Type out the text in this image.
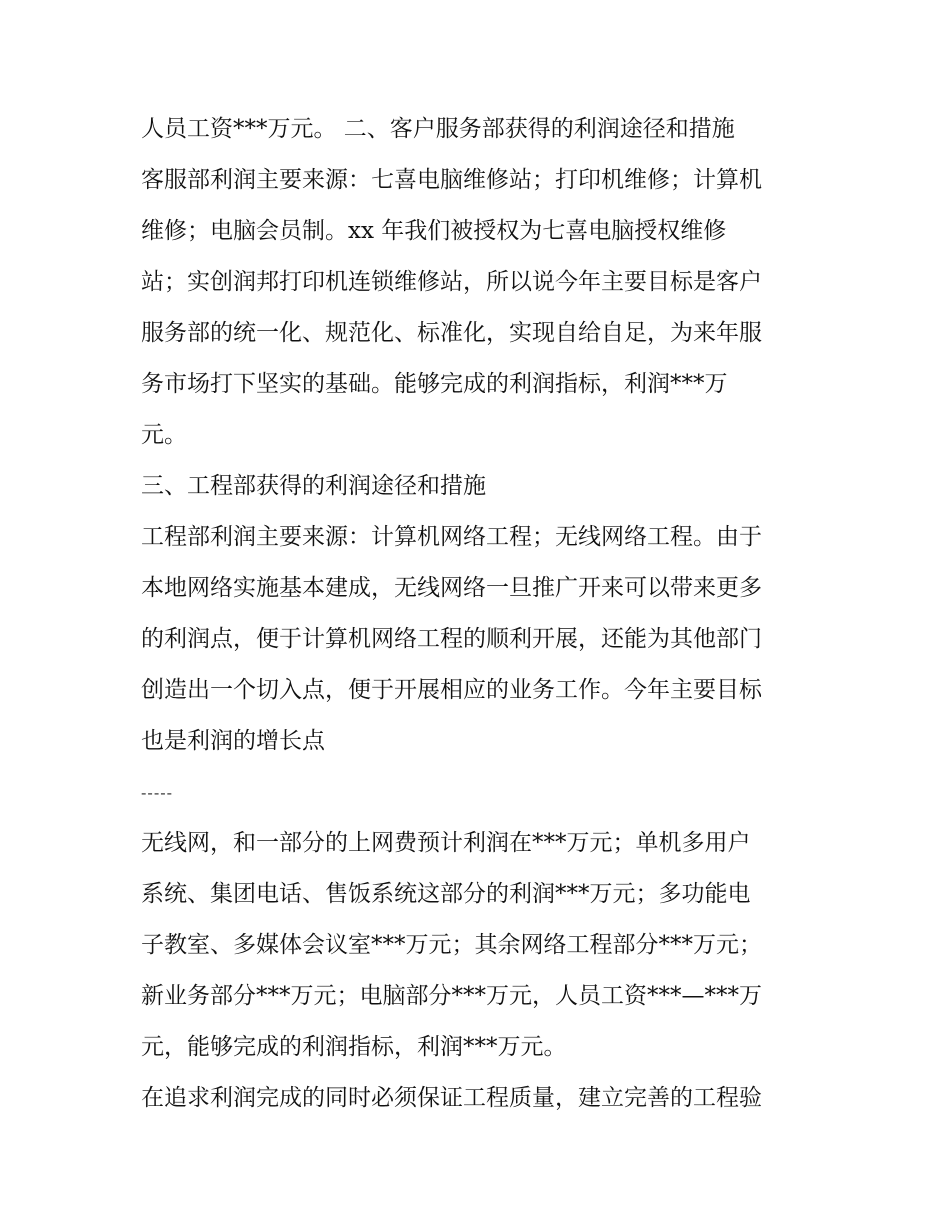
人员工资***万元。 二、客户服务部获得的利润途径和措施
客服部利润主要来源：七喜电脑维修站；打印机维修；计算机
维修；电脑会员制。xx 年我们被授权为七喜电脑授权维修
站；实创润邦打印机连锁维修站，所以说今年主要目标是客户
服务部的统一化、规范化、标准化，实现自给自足，为来年服
务市场打下坚实的基础。能够完成的利润指标，利润***万
元。
三、工程部获得的利润途径和措施
工程部利润主要来源：计算机网络工程；无线网络工程。由于
本地网络实施基本建成，无线网络一旦推广开来可以带来更多
的利润点，便于计算机网络工程的顺利开展，还能为其他部门
创造出一个切入点，便于开展相应的业务工作。今年主要目标
也是利润的增长点
-----
无线网，和一部分的上网费预计利润在***万元；单机多用户
系统、集团电话、售饭系统这部分的利润***万元；多功能电
子教室、多媒体会议室***万元；其余网络工程部分***万元；
新业务部分***万元；电脑部分***万元，人员工资***—***万
元，能够完成的利润指标，利润***万元。
在追求利润完成的同时必须保证工程质量，建立完善的工程验
